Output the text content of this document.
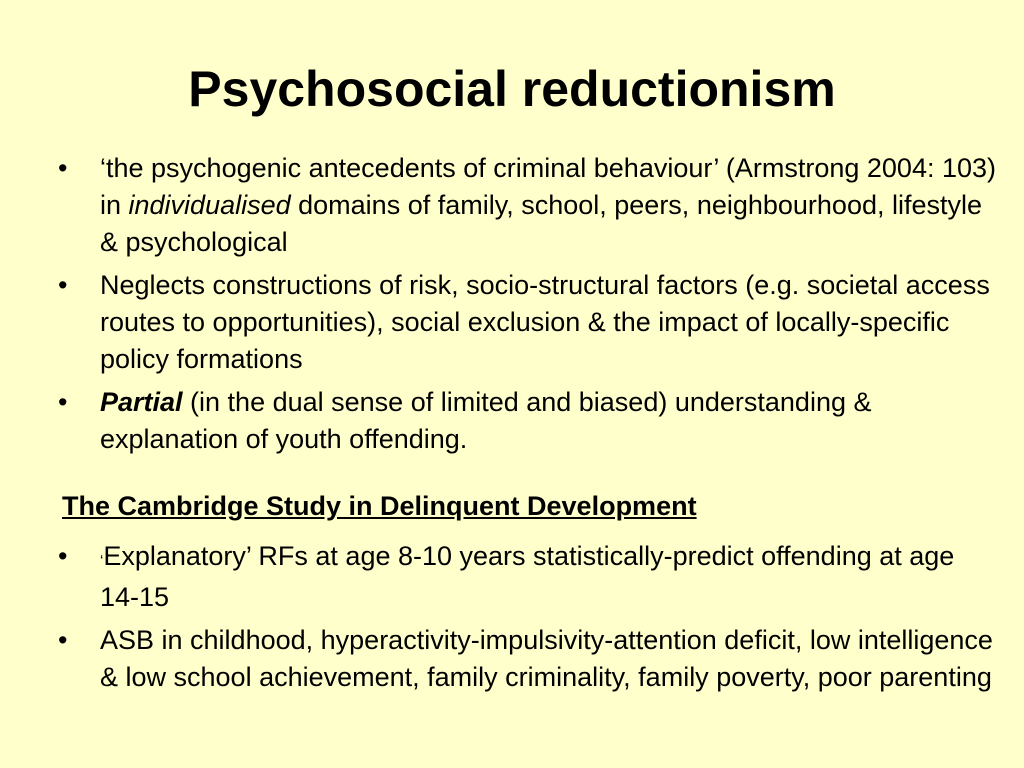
Psychosocial reductionism
•	‘the psychogenic antecedents of criminal behaviour’ (Armstrong 2004: 103) in individualised domains of family, school, peers, neighbourhood, lifestyle & psychological
•	Neglects constructions of risk, socio-structural factors (e.g. societal access routes to opportunities), social exclusion & the impact of locally-specific policy formations
•	Partial (in the dual sense of limited and biased) understanding & explanation of youth offending.
The Cambridge Study in Delinquent Development
•	‘Explanatory’ RFs at age 8-10 years statistically-predict offending at age 14-15
•	ASB in childhood, hyperactivity-impulsivity-attention deficit, low intelligence & low school achievement, family criminality, family poverty, poor parenting
